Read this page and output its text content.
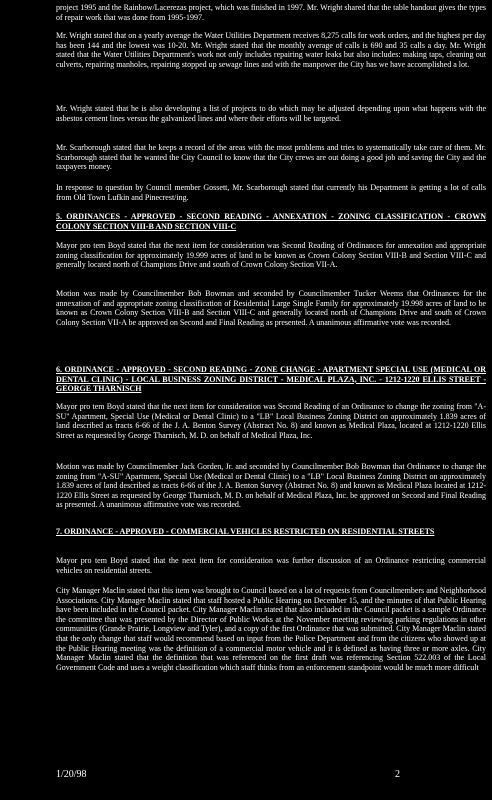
project 1995 and the Rainbow/Lacerezas project, which was finished in 1997. Mr. Wright shared that the table handout gives the types of repair work that was done from 1995-1997.

Mr. Wright stated that on a yearly average the Water Utilities Department receives 8,275 calls for work orders, and the highest per day has been 144 and the lowest was 10-20. Mr. Wright stated that the monthly average of calls is 690 and 35 calls a day. Mr. Wright stated that the Water Utilities Department's work not only includes repairing water leaks but also includes: making taps, cleaning out culverts, repairing manholes, repairing stopped up sewage lines and with the manpower the City has we have accomplished a lot.

Mr. Wright stated that he is also developing a list of projects to do which may be adjusted depending upon what happens with the asbestos cement lines versus the galvanized lines and where their efforts will be targeted.

Mr. Scarborough stated that he keeps a record of the areas with the most problems and tries to systematically take care of them. Mr. Scarborough stated that he wanted the City Council to know that the City crews are out doing a good job and saving the City and the taxpayers money.

In response to question by Council member Gossett, Mr. Scarborough stated that currently his Department is getting a lot of calls from Old Town Lufkin and Pinecrest/ing.

5. ORDINANCES - APPROVED - SECOND READING - ANNEXATION - ZONING CLASSIFICATION - CROWN COLONY SECTION VIII-B AND SECTION VIII-C

Mayor pro tem Boyd stated that the next item for consideration was Second Reading of Ordinances for annexation and appropriate zoning classification for approximately 19.999 acres of land to be known as Crown Colony Section VIII-B and Section VIII-C and generally located north of Champions Drive and south of Crown Colony Section VII-A.

Motion was made by Councilmember Bob Bowman and seconded by Councilmember Tucker Weems that Ordinances for the annexation of and appropriate zoning classification of Residential Large Single Family for approximately 19.998 acres of land to be known as Crown Colony Section VIII-B and Section VIII-C and generally located north of Champions Drive and south of Crown Colony Section VII-A be approved on Second and Final Reading as presented. A unanimous affirmative vote was recorded.

6. ORDINANCE - APPROVED - SECOND READING - ZONE CHANGE - APARTMENT SPECIAL USE (MEDICAL OR DENTAL CLINIC) - LOCAL BUSINESS ZONING DISTRICT - MEDICAL PLAZA, INC. - 1212-1220 ELLIS STREET - GEORGE THARNISCH

Mayor pro tem Boyd stated that the next item for consideration was Second Reading of an Ordinance to change the zoning from "A-SU" Apartment, Special Use (Medical or Dental Clinic) to a "LB" Local Business Zoning District on approximately 1.839 acres of land described as tracts 6-66 of the J. A. Benton Survey (Abstract No. 8) and known as Medical Plaza, located at 1212-1220 Ellis Street as requested by George Tharnisch, M. D. on behalf of Medical Plaza, Inc.

Motion was made by Councilmember Jack Gorden, Jr. and seconded by Councilmember Bob Bowman that Ordinance to change the zoning from "A-SU" Apartment, Special Use (Medical or Dental Clinic) to a "LB" Local Business Zoning District on approximately 1.839 acres of land described as tracts 6-66 of the J. A. Benton Survey (Abstract No. 8) and known as Medical Plaza located at 1212-1220 Ellis Street as requested by George Tharnisch, M. D. on behalf of Medical Plaza, Inc. be approved on Second and Final Reading as presented. A unanimous affirmative vote was recorded.

7. ORDINANCE - APPROVED - COMMERCIAL VEHICLES RESTRICTED ON RESIDENTIAL STREETS

Mayor pro tem Boyd stated that the next item for consideration was further discussion of an Ordinance restricting commercial vehicles on residential streets.

City Manager Maclin stated that this item was brought to Council based on a lot of requests from Councilmembers and Neighborhood Associations. City Manager Maclin stated that staff hosted a Public Hearing on December 15, and the minutes of that Public Hearing have been included in the Council packet. City Manager Maclin stated that also included in the Council packet is a sample Ordinance the committee that was presented by the Director of Public Works at the November meeting reviewing parking regulations in other communities (Grande Prairie, Longview and Tyler), and a copy of the first Ordinance that was submitted. City Manager Maclin stated that the only change that staff would recommend based on input from the Police Department and from the citizens who showed up at the Public Hearing meeting was the definition of a commercial motor vehicle and it is defined as having three or more axles. City Manager Maclin stated that the definition that was referenced on the first draft was referencing Section 522.003 of the Local Government Code and uses a weight classification which staff thinks from an enforcement standpoint would be much more difficult

1/20/98	2
